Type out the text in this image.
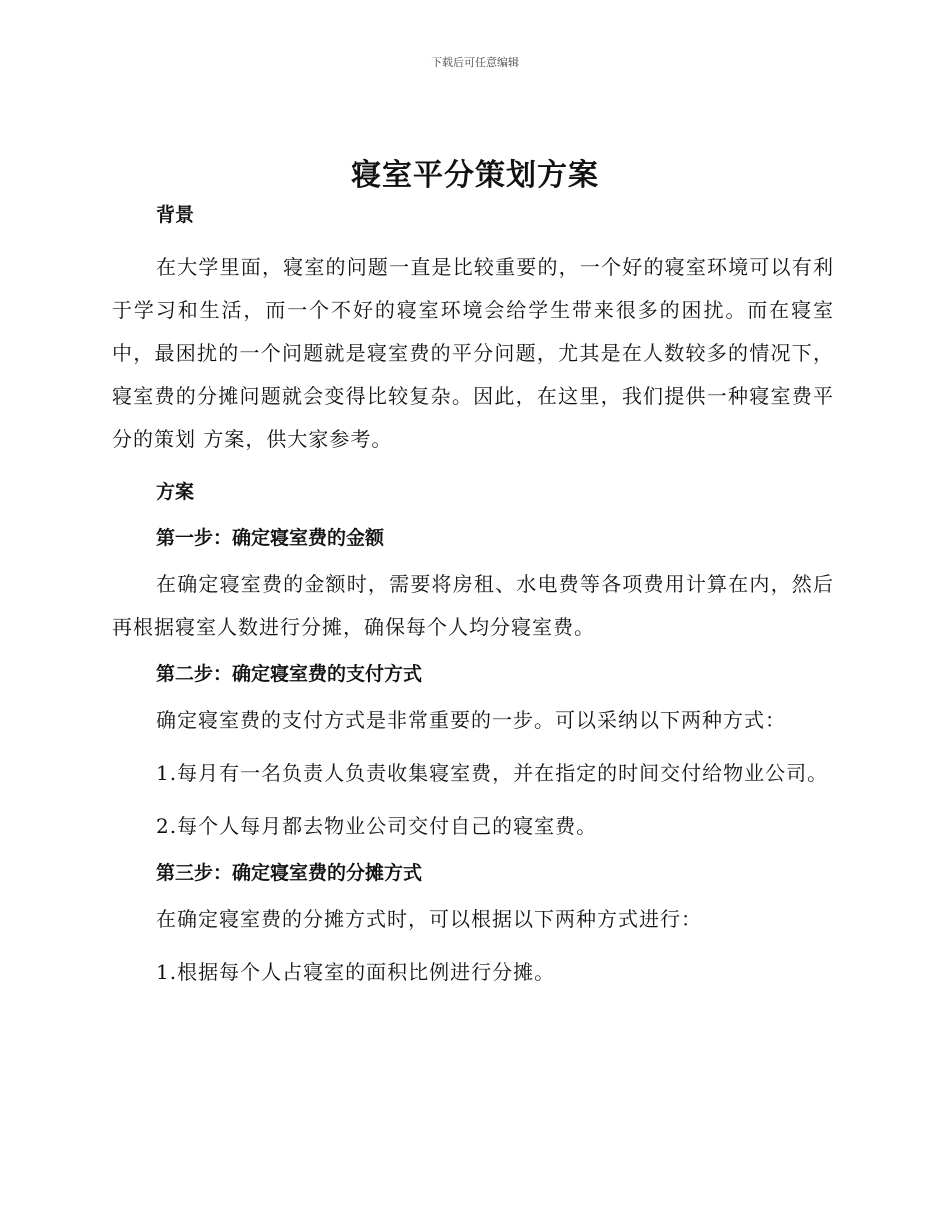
下载后可任意编辑
寝室平分策划方案

背景

在大学里面，寝室的问题一直是比较重要的，一个好的寝室环境可以有利于学习和生活，而一个不好的寝室环境会给学生带来很多的困扰。而在寝室中，最困扰的一个问题就是寝室费的平分问题，尤其是在人数较多的情况下，寝室费的分摊问题就会变得比较复杂。因此，在这里，我们提供一种寝室费平分的策划 方案，供大家参考。

方案

第一步：确定寝室费的金额

在确定寝室费的金额时，需要将房租、水电费等各项费用计算在内，然后再根据寝室人数进行分摊，确保每个人均分寝室费。

第二步：确定寝室费的支付方式

确定寝室费的支付方式是非常重要的一步。可以采纳以下两种方式：

1.每月有一名负责人负责收集寝室费，并在指定的时间交付给物业公司。

2.每个人每月都去物业公司交付自己的寝室费。

第三步：确定寝室费的分摊方式

在确定寝室费的分摊方式时，可以根据以下两种方式进行：

1.根据每个人占寝室的面积比例进行分摊。
